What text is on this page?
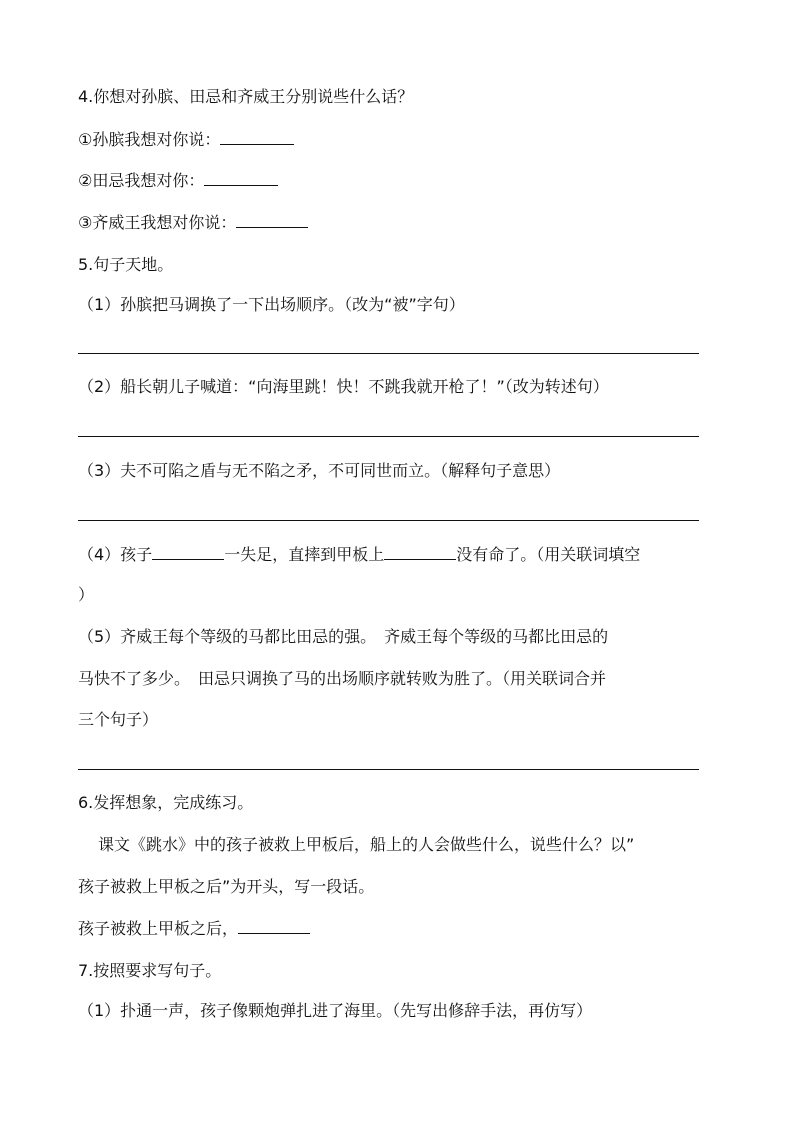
4.你想对孙膑、田忌和齐威王分别说些什么话？
①孙膑我想对你说：
②田忌我想对你：
③齐威王我想对你说：
5.句子天地。
（1）孙膑把马调换了一下出场顺序。（改为“被”字句）
（2）船长朝儿子喊道：“向海里跳！快！不跳我就开枪了！”（改为转述句）
（3）夫不可陷之盾与无不陷之矛，不可同世而立。（解释句子意思）
（4）孩子	一失足，直摔到甲板上	没有命了。（用关联词填空
）
（5）齐威王每个等级的马都比田忌的强。　齐威王每个等级的马都比田忌的
马快不了多少。　田忌只调换了马的出场顺序就转败为胜了。（用关联词合并
三个句子）
6.发挥想象，完成练习。
课文《跳水》中的孩子被救上甲板后，船上的人会做些什么，说些什么？以”
孩子被救上甲板之后”为开头，写一段话。
孩子被救上甲板之后，
7.按照要求写句子。
（1）扑通一声，孩子像颗炮弹扎进了海里。（先写出修辞手法，再仿写）
